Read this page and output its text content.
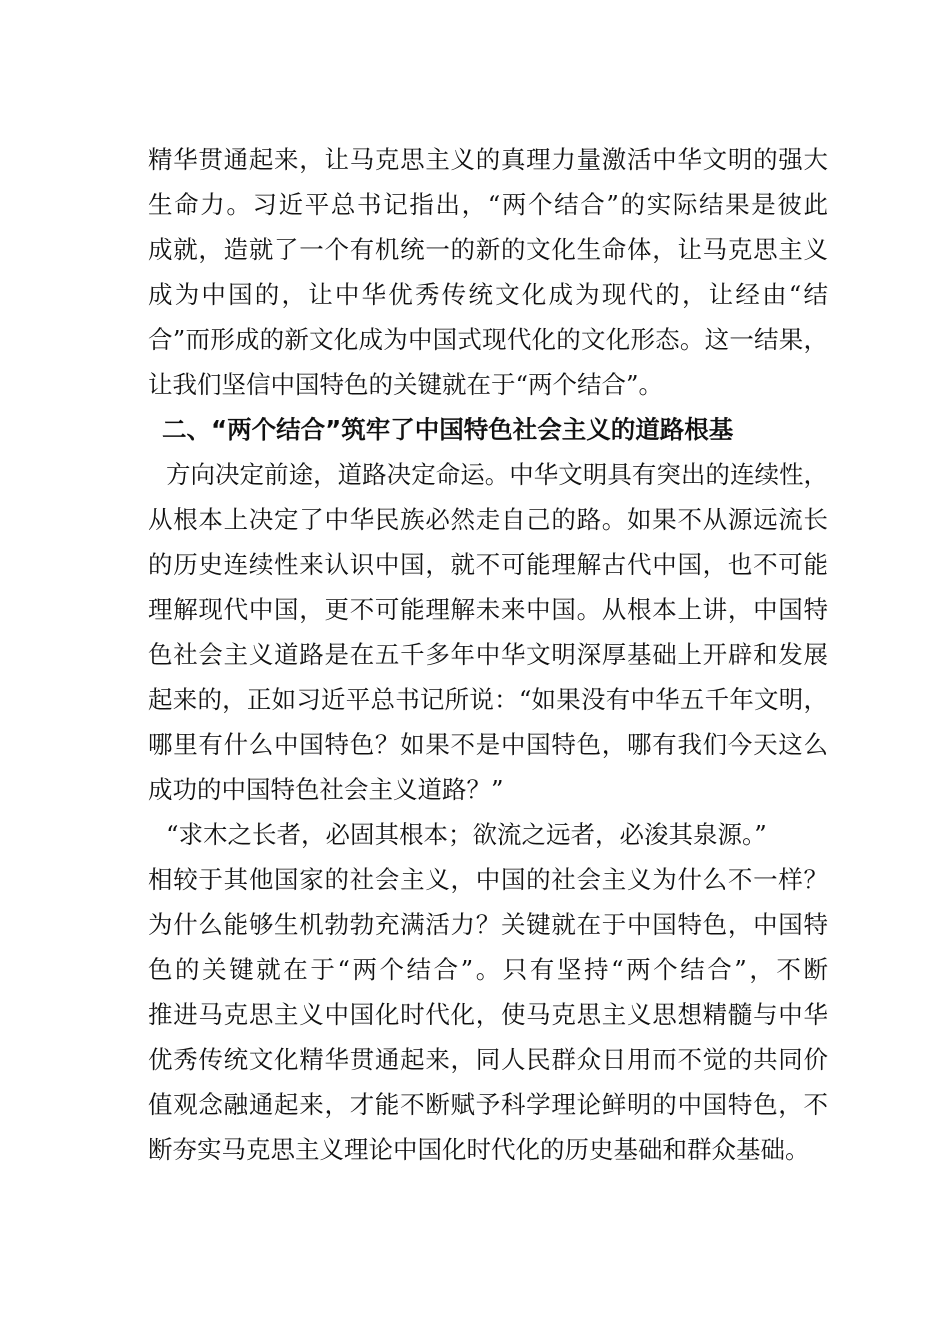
精华贯通起来，让马克思主义的真理力量激活中华文明的强大
生命力。习近平总书记指出，“两个结合”的实际结果是彼此
成就，造就了一个有机统一的新的文化生命体，让马克思主义
成为中国的，让中华优秀传统文化成为现代的，让经由“结
合”而形成的新文化成为中国式现代化的文化形态。这一结果，
让我们坚信中国特色的关键就在于“两个结合”。
二、“两个结合”筑牢了中国特色社会主义的道路根基
方向决定前途，道路决定命运。中华文明具有突出的连续性，
从根本上决定了中华民族必然走自己的路。如果不从源远流长
的历史连续性来认识中国，就不可能理解古代中国，也不可能
理解现代中国，更不可能理解未来中国。从根本上讲，中国特
色社会主义道路是在五千多年中华文明深厚基础上开辟和发展
起来的，正如习近平总书记所说：“如果没有中华五千年文明，
哪里有什么中国特色？如果不是中国特色，哪有我们今天这么
成功的中国特色社会主义道路？”
“求木之长者，必固其根本；欲流之远者，必浚其泉源。”
相较于其他国家的社会主义，中国的社会主义为什么不一样？
为什么能够生机勃勃充满活力？关键就在于中国特色，中国特
色的关键就在于“两个结合”。只有坚持“两个结合”，不断
推进马克思主义中国化时代化，使马克思主义思想精髓与中华
优秀传统文化精华贯通起来，同人民群众日用而不觉的共同价
值观念融通起来，才能不断赋予科学理论鲜明的中国特色，不
断夯实马克思主义理论中国化时代化的历史基础和群众基础。
